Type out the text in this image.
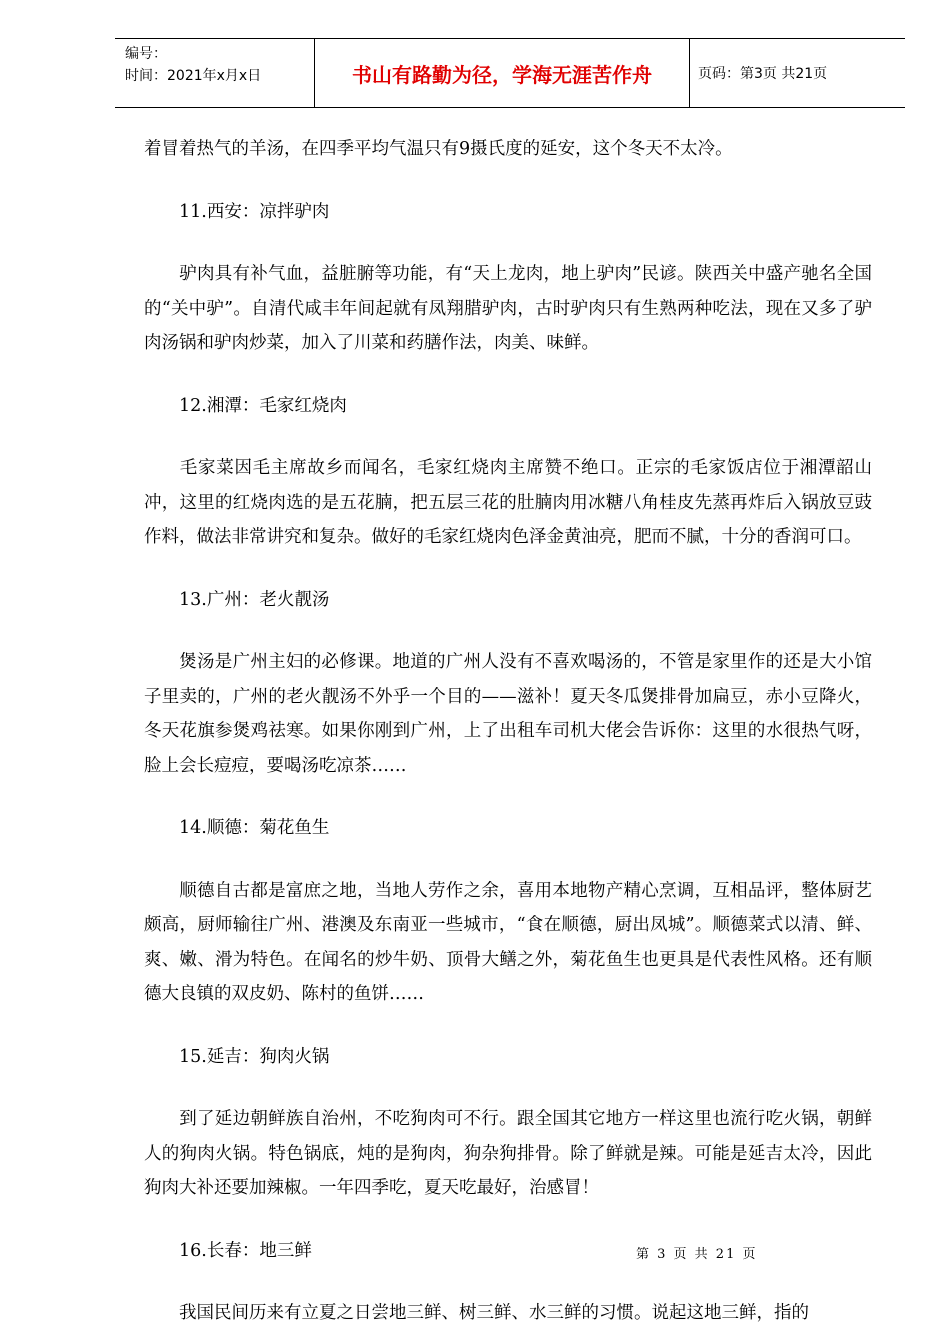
编号：
时间：2021年x月x日	书山有路勤为径，学海无涯苦作舟	页码：第3页 共21页

着冒着热气的羊汤，在四季平均气温只有9摄氏度的延安，这个冬天不太冷。

11.西安：凉拌驴肉

驴肉具有补气血，益脏腑等功能，有“天上龙肉，地上驴肉”民谚。陕西关中盛产驰名全国的“关中驴”。自清代咸丰年间起就有凤翔腊驴肉，古时驴肉只有生熟两种吃法，现在又多了驴肉汤锅和驴肉炒菜，加入了川菜和药膳作法，肉美、味鲜。

12.湘潭：毛家红烧肉

毛家菜因毛主席故乡而闻名，毛家红烧肉主席赞不绝口。正宗的毛家饭店位于湘潭韶山冲，这里的红烧肉选的是五花腩，把五层三花的肚腩肉用冰糖八角桂皮先蒸再炸后入锅放豆豉作料，做法非常讲究和复杂。做好的毛家红烧肉色泽金黄油亮，肥而不腻，十分的香润可口。

13.广州：老火靓汤

煲汤是广州主妇的必修课。地道的广州人没有不喜欢喝汤的，不管是家里作的还是大小馆子里卖的，广州的老火靓汤不外乎一个目的——滋补！夏天冬瓜煲排骨加扁豆，赤小豆降火，冬天花旗参煲鸡祛寒。如果你刚到广州，上了出租车司机大佬会告诉你：这里的水很热气呀，脸上会长痘痘，要喝汤吃凉茶……

14.顺德：菊花鱼生

顺德自古都是富庶之地，当地人劳作之余，喜用本地物产精心烹调，互相品评，整体厨艺颇高，厨师输往广州、港澳及东南亚一些城市，“食在顺德，厨出凤城”。顺德菜式以清、鲜、爽、嫩、滑为特色。在闻名的炒牛奶、顶骨大鳝之外，菊花鱼生也更具是代表性风格。还有顺德大良镇的双皮奶、陈村的鱼饼……

15.延吉：狗肉火锅

到了延边朝鲜族自治州，不吃狗肉可不行。跟全国其它地方一样这里也流行吃火锅，朝鲜人的狗肉火锅。特色锅底，炖的是狗肉，狗杂狗排骨。除了鲜就是辣。可能是延吉太冷，因此狗肉大补还要加辣椒。一年四季吃，夏天吃最好，治感冒！

16.长春：地三鲜

我国民间历来有立夏之日尝地三鲜、树三鲜、水三鲜的习惯。说起这地三鲜，指的

第 3 页 共 21 页
